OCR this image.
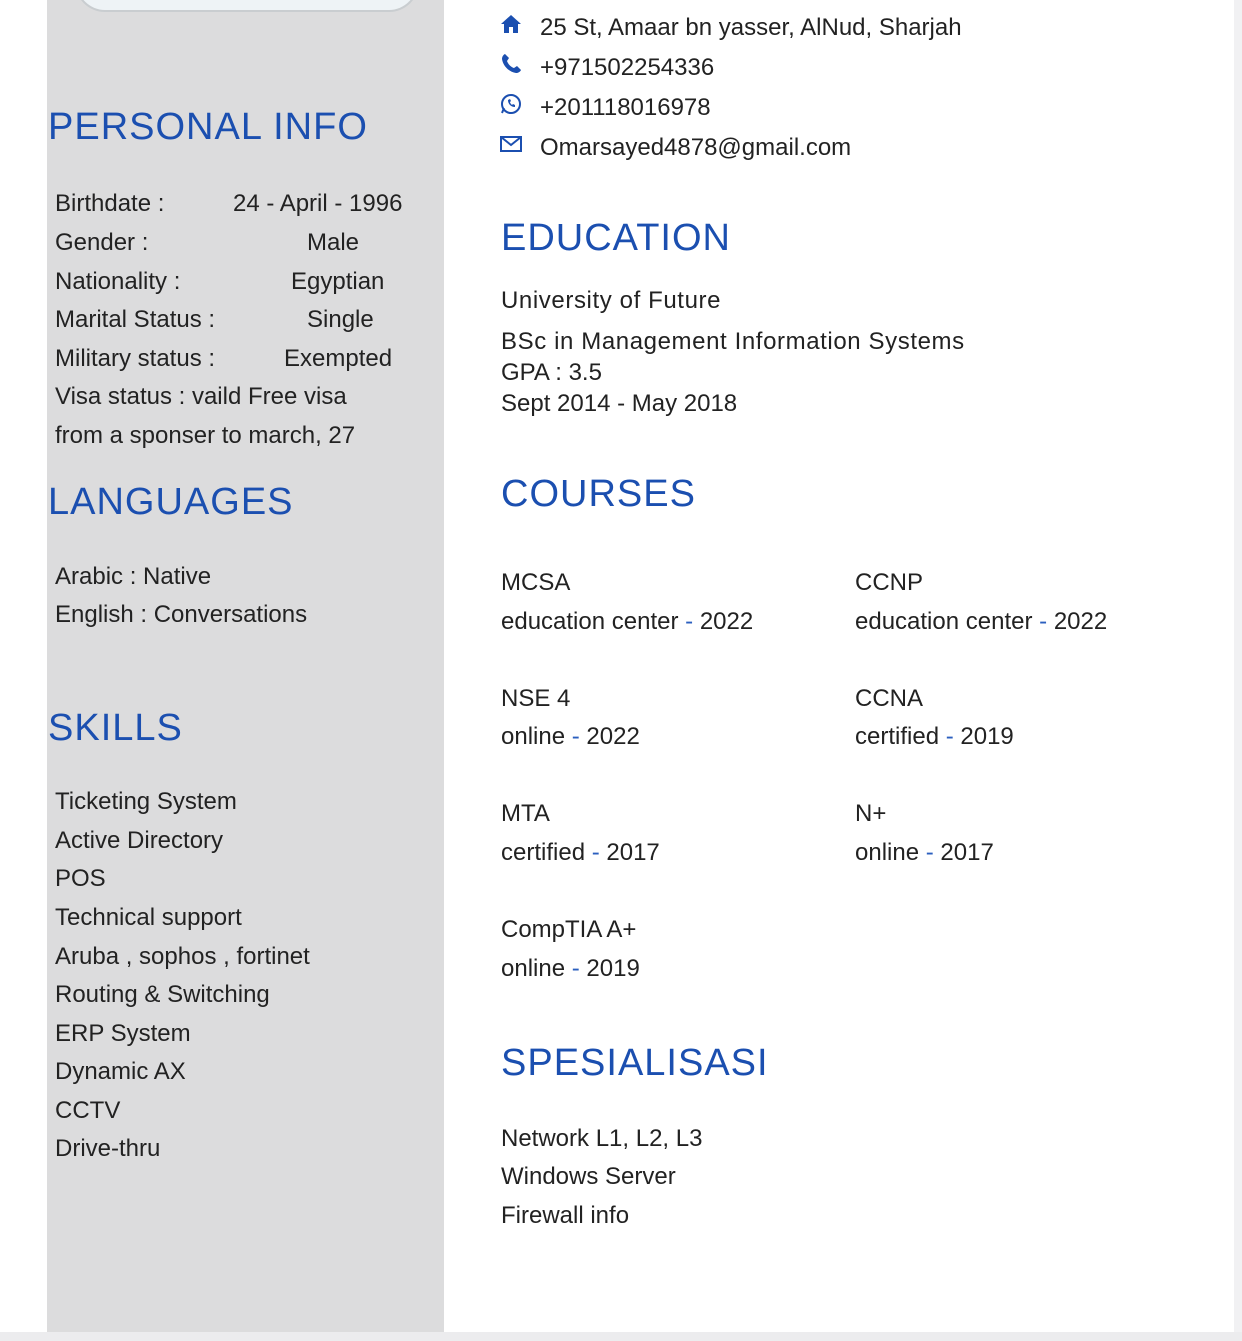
PERSONAL INFO
Birthdate :	24 - April - 1996
Gender :	Male
Nationality :	Egyptian
Marital Status :	Single
Military status :	Exempted
Visa status : vaild Free visa
from a sponser to march, 27
LANGUAGES
Arabic : Native
English : Conversations
SKILLS
Ticketing System
Active Directory
POS
Technical support
Aruba , sophos , fortinet
Routing & Switching
ERP System
Dynamic AX
CCTV
Drive-thru
25 St, Amaar bn yasser, AlNud, Sharjah
+971502254336
+201118016978
Omarsayed4878@gmail.com
EDUCATION
University of Future
BSc in Management Information Systems
GPA : 3.5
Sept 2014 - May 2018
COURSES
MCSA
education center - 2022
CCNP
education center - 2022
NSE 4
online - 2022
CCNA
certified - 2019
MTA
certified - 2017
N+
online - 2017
CompTIA A+
online - 2019
SPESIALISASI
Network L1, L2, L3
Windows Server
Firewall info
